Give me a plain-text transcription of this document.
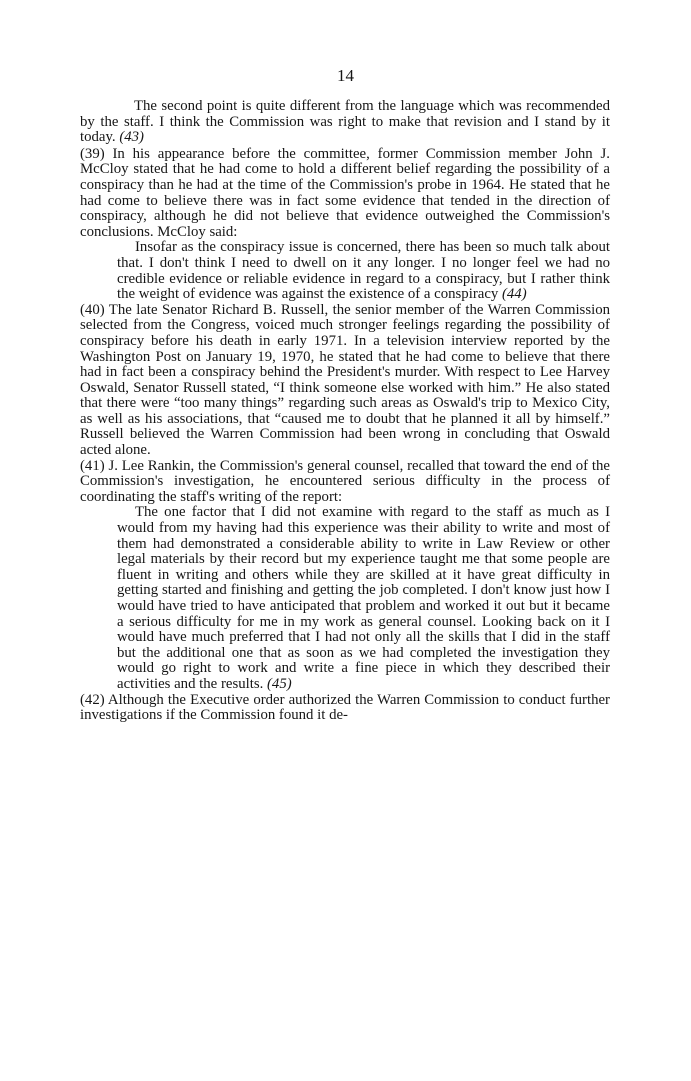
14

The second point is quite different from the language which was recommended by the staff. I think the Commission was right to make that revision and I stand by it today. (43)

(39) In his appearance before the committee, former Commission member John J. McCloy stated that he had come to hold a different belief regarding the possibility of a conspiracy than he had at the time of the Commission's probe in 1964. He stated that he had come to believe there was in fact some evidence that tended in the direction of conspiracy, although he did not believe that evidence outweighed the Commission's conclusions. McCloy said:

Insofar as the conspiracy issue is concerned, there has been so much talk about that. I don't think I need to dwell on it any longer. I no longer feel we had no credible evidence or reliable evidence in regard to a conspiracy, but I rather think the weight of evidence was against the existence of a conspiracy (44)

(40) The late Senator Richard B. Russell, the senior member of the Warren Commission selected from the Congress, voiced much stronger feelings regarding the possibility of conspiracy before his death in early 1971. In a television interview reported by the Washington Post on January 19, 1970, he stated that he had come to believe that there had in fact been a conspiracy behind the President's murder. With respect to Lee Harvey Oswald, Senator Russell stated, “I think someone else worked with him.” He also stated that there were “too many things” regarding such areas as Oswald's trip to Mexico City, as well as his associations, that “caused me to doubt that he planned it all by himself.” Russell believed the Warren Commission had been wrong in concluding that Oswald acted alone.

(41) J. Lee Rankin, the Commission's general counsel, recalled that toward the end of the Commission's investigation, he encountered serious difficulty in the process of coordinating the staff's writing of the report:

The one factor that I did not examine with regard to the staff as much as I would from my having had this experience was their ability to write and most of them had demonstrated a considerable ability to write in Law Review or other legal materials by their record but my experience taught me that some people are fluent in writing and others while they are skilled at it have great difficulty in getting started and finishing and getting the job completed. I don't know just how I would have tried to have anticipated that problem and worked it out but it became a serious difficulty for me in my work as general counsel. Looking back on it I would have much preferred that I had not only all the skills that I did in the staff but the additional one that as soon as we had completed the investigation they would go right to work and write a fine piece in which they described their activities and the results. (45)

(42) Although the Executive order authorized the Warren Commission to conduct further investigations if the Commission found it de-
